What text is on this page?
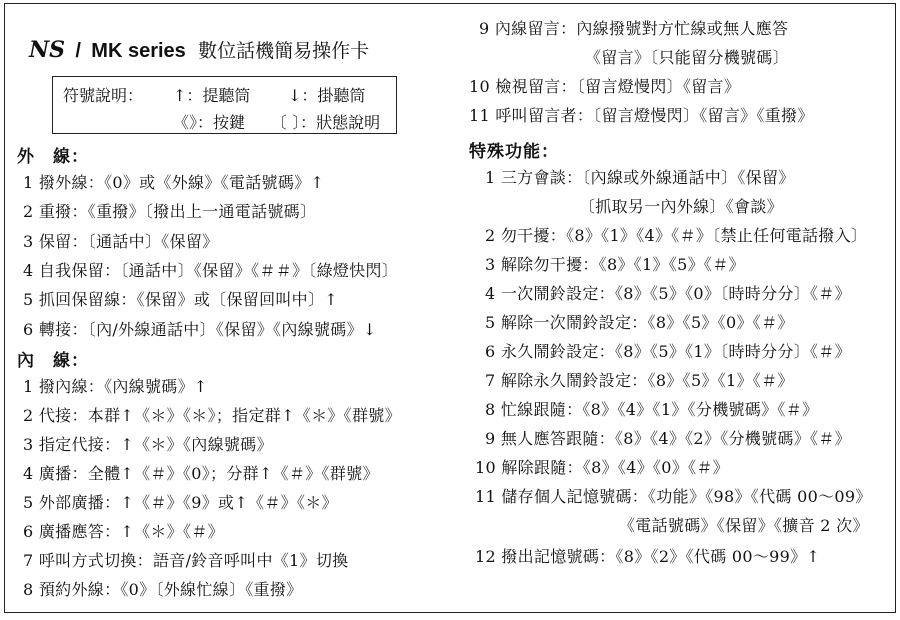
NS / MK series 數位話機簡易操作卡
符號說明： ↑：提聽筒 ↓：掛聽筒
《》：按鍵 〔 〕：狀態說明
外　線：
1 撥外線：《0》或《外線》《電話號碼》↑
2 重撥：《重撥》〔撥出上一通電話號碼〕
3 保留：〔通話中〕《保留》
4 自我保留：〔通話中〕《保留》《＃＃》〔綠燈快閃〕
5 抓回保留線：《保留》或〔保留回叫中〕↑
6 轉接：〔內/外線通話中〕《保留》《內線號碼》↓
內　線：
1 撥內線：《內線號碼》↑
2 代接：本群↑《＊》《＊》；指定群↑《＊》《群號》
3 指定代接：↑《＊》《內線號碼》
4 廣播：全體↑《＃》《0》；分群↑《＃》《群號》
5 外部廣播：↑《＃》《9》或↑《＃》《＊》
6 廣播應答：↑《＊》《＃》
7 呼叫方式切換：語音/鈴音呼叫中《1》切換
8 預約外線：《0》〔外線忙線〕《重撥》
9 內線留言：內線撥號對方忙線或無人應答
《留言》〔只能留分機號碼〕
10 檢視留言：〔留言燈慢閃〕《留言》
11 呼叫留言者：〔留言燈慢閃〕《留言》《重撥》
特殊功能：
1 三方會談：〔內線或外線通話中〕《保留》
〔抓取另一內外線〕《會談》
2 勿干擾：《8》《1》《4》《＃》〔禁止任何電話撥入〕
3 解除勿干擾：《8》《1》《5》《＃》
4 一次鬧鈴設定：《8》《5》《0》〔時時分分〕《＃》
5 解除一次鬧鈴設定：《8》《5》《0》《＃》
6 永久鬧鈴設定：《8》《5》《1》〔時時分分〕《＃》
7 解除永久鬧鈴設定：《8》《5》《1》《＃》
8 忙線跟隨：《8》《4》《1》《分機號碼》《＃》
9 無人應答跟隨：《8》《4》《2》《分機號碼》《＃》
10 解除跟隨：《8》《4》《0》《＃》
11 儲存個人記憶號碼：《功能》《98》《代碼 00～09》
《電話號碼》《保留》《擴音 2 次》
12 撥出記憶號碼：《8》《2》《代碼 00～99》↑
